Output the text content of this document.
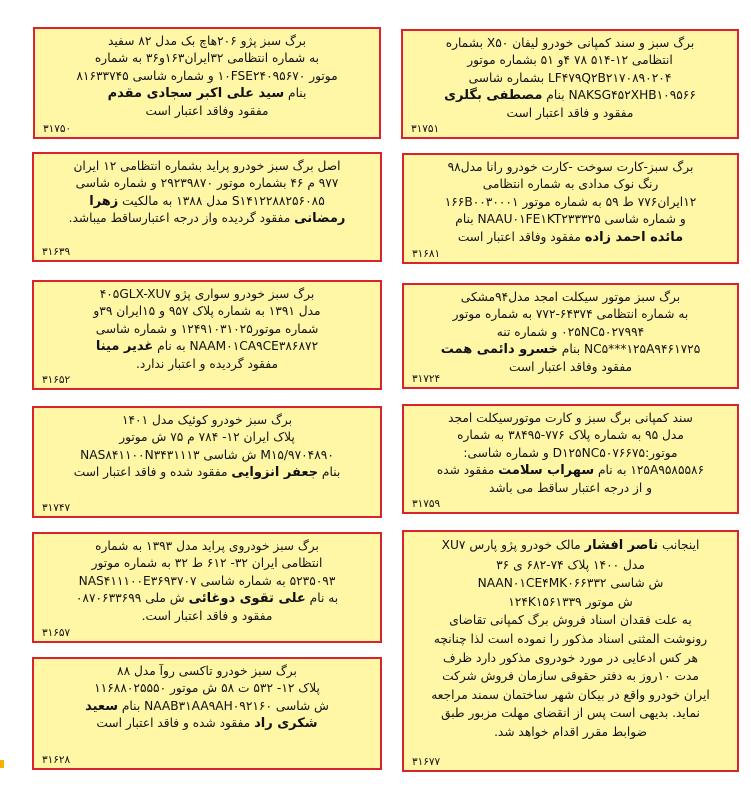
برگ سبز و سند کمپانی خودرو لیفان X۵۰ بشماره
انتظامی ۱۲-۵۱۴ ۷۸ ۴و ۵۱ بشماره موتور
LF۴۷۹Q۲B۲۱۷۰۸۹۰۲۰۴ بشماره شاسی
NAKSG۴۵۲XHB۱۰۹۵۶۶ بنام مصطفی بگلری
مفقود و فاقد اعتبار است
۳۱۷۵۱
برگ سبز پژو ۲۰۶هاچ بک مدل ۸۲ سفید
به شماره انتظامی ۳۲ایران۱۶۳و۳۶ به شماره
موتور ۱۰FSE۲۴۰۹۵۶۷۰ و شماره شاسی ۸۱۶۳۳۷۴۵
بنام سید علی اکبر سجادی مقدم
مفقود وفاقد اعتبار است
۳۱۷۵۰
برگ سبز-کارت سوخت -کارت خودرو رانا مدل۹۸
رنگ نوک مدادی به شماره انتظامی
۱۲ایران۷۷۶ ط ۵۹ به شماره موتور ۱۶۶B۰۰۳۰۰۰۱
و شماره شاسی NAAU۰۱FE۱KT۲۳۳۳۲۵ بنام
مائده احمد زاده مفقود وفاقد اعتبار است
۳۱۶۸۱
اصل برگ سبز خودرو پراید بشماره انتظامی ۱۲ ایران
۹۷۷ م ۴۶ بشماره موتور ۲۹۲۳۹۸۷۰ و شماره شاسی
S۱۴۱۲۲۸۸۲۵۶۰۸۵ مدل ۱۳۸۸ به مالکیت زهرا
رمضانی مفقود گردیده واز درجه اعتبارساقط میباشد.
۳۱۶۳۹
برگ سبز موتور سیکلت امجد مدل۹۴مشکی
به شماره انتظامی ۶۴۳۷۴-۷۷۲ به شماره موتور
۰۲۵NC۵۰۲۷۹۹۴ و شماره تنه
NC۵***۱۲۵A۹۴۶۱۷۲۵ بنام خسرو دائمی همت
مفقود وفاقد اعتبار است
۳۱۷۲۴
برگ سبز خودرو سواری پژو ۴۰۵GLX-XU۷
مدل ۱۳۹۱ به شماره پلاک ۹۵۷ و ۱۵ایران ۳۹و
شماره موتور۱۲۴۹۱۰۳۱۰۲۵ و شماره شاسی
NAAM۰۱CA۹CE۳۸۶۸۷۲ به نام غدیر مینا
مفقود گردیده و اعتبار ندارد.
۳۱۶۵۲
سند کمپانی برگ سبز و کارت موتورسیکلت امجد
مدل ۹۵ به شماره پلاک ۷۷۶-۳۸۴۹۵ به شماره
موتور:D۱۲۵NC۵۰۷۶۶۷۵ و شماره شاسی:
۱۲۵A۹۵۸۵۵۸۶ به نام سهراب سلامت مفقود شده
و از درجه اعتبار ساقط می باشد
۳۱۷۵۹
برگ سبز خودرو کوئیک مدل ۱۴۰۱
پلاک ایران ۱۲- ۷۸۴ م ۷۵ ش موتور
M۱۵/۹۷۰۴۸۹۰ ش شاسی NAS۸۴۱۱۰۰N۳۴۳۱۱۱۳
بنام جعفر انزوایی مفقود شده و فاقد اعتبار است
۳۱۷۴۷
اینجانب ناصر افشار مالک خودرو پژو پارس XU۷
مدل ۱۴۰۰ پلاک ۷۴-۶۸۲ ی ۳۶
ش شاسی NAAN۰۱CE۴MK۰۶۶۳۳۲
ش موتور ۱۲۴K۱۵۶۱۳۳۹
به علت فقدان اسناد فروش برگ کمپانی تقاضای
رونوشت المثنی اسناد مذکور را نموده است لذا چنانچه
هر کس ادعایی در مورد خودروی مذکور دارد ظرف
مدت ۱۰روز به دفتر حقوقی سازمان فروش شرکت
ایران خودرو واقع در بیکان شهر ساختمان سمند مراجعه
نماید. بدیهی است پس از انقضای مهلت مزبور طبق
ضوابط مقرر اقدام خواهد شد.
۳۱۶۷۷
برگ سبز خودروی پراید مدل ۱۳۹۳ به شماره
انتظامی ایران ۳۲- ۶۱۲ ط ۳۲ به شماره موتور
۵۲۳۵۰۹۳ به شماره شاسی NAS۴۱۱۱۰۰E۳۶۹۳۷۰۷
به نام علی تقوی دوغائی ش ملی ۰۸۷۰۶۳۳۶۹۹
مفقود و فاقد اعتبار است.
۳۱۶۵۷
برگ سبز خودرو تاکسی روآ مدل ۸۸
پلاک ۱۲- ۵۳۲ ت ۵۸ ش موتور ۱۱۶۸۸۰۲۵۵۵۰
ش شاسی NAAB۳۱AA۹AH۰۹۲۱۶۰ بنام سعید
شکری راد مفقود شده و فاقد اعتبار است
۳۱۶۲۸
